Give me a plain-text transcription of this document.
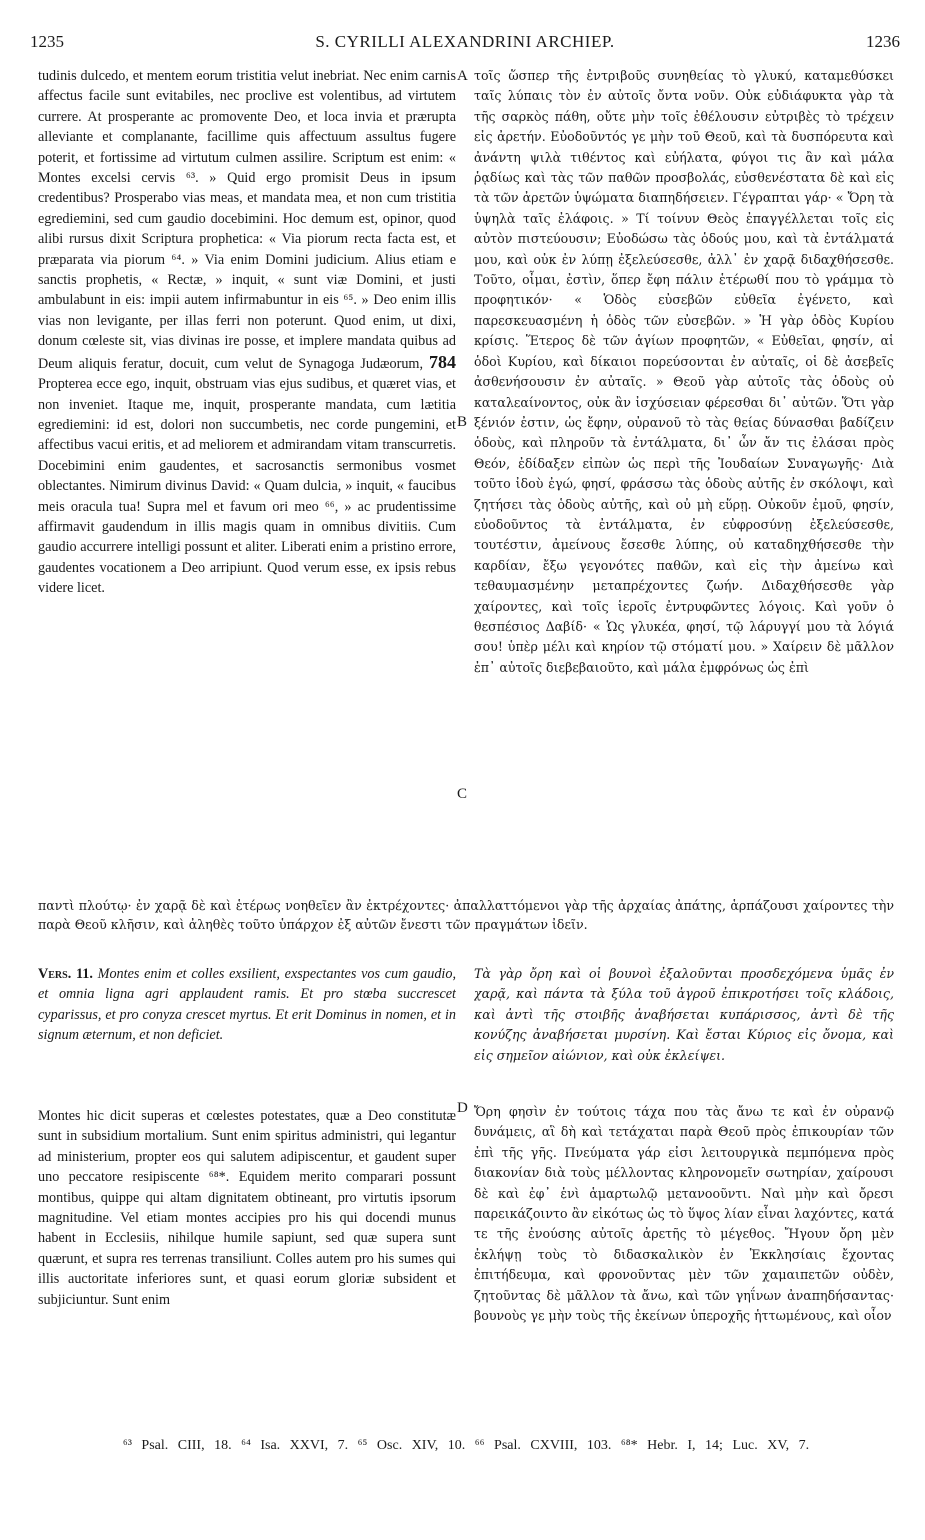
1235	S. CYRILLI ALEXANDRINI ARCHIEP.	1236
A
B
C
D

tudinis dulcedo, et mentem eorum tristitia velut inebriat. Nec enim carnis affectus facile sunt evitabiles, nec proclive est volentibus, ad virtutem currere. At prosperante ac promovente Deo, et loca invia et prærupta alleviante et complanante, facillime quis affectuum assultus fugere poterit, et fortissime ad virtutum culmen assilire. Scriptum est enim: « Montes excelsi cervis ⁶³. » Quid ergo promisit Deus in ipsum credentibus? Prosperabo vias meas, et mandata mea, et non cum tristitia egrediemini, sed cum gaudio docebimini. Hoc demum est, opinor, quod alibi rursus dixit Scriptura prophetica: « Via piorum recta facta est, et præparata via piorum ⁶⁴. » Via enim Domini judicium. Alius etiam e sanctis prophetis, « Rectæ, » inquit, « sunt viæ Domini, et justi ambulabunt in eis: impii autem infirmabuntur in eis ⁶⁵. » Deo enim illis vias non levigante, per illas ferri non poterunt. Quod enim, ut dixi, donum cœleste sit, vias divinas ire posse, et implere mandata quibus ad Deum aliquis feratur, docuit, cum velut de Synagoga Judæorum, 784 Propterea ecce ego, inquit, obstruam vias ejus sudibus, et quæret vias, et non inveniet. Itaque me, inquit, prosperante mandata, cum lætitia egrediemini: id est, dolori non succumbetis, nec corde pungemini, et affectibus vacui eritis, et ad meliorem et admirandam vitam transcurretis. Docebimini enim gaudentes, et sacrosanctis sermonibus vosmet oblectantes. Nimirum divinus David: « Quam dulcia, » inquit, « faucibus meis oracula tua! Supra mel et favum ori meo ⁶⁶, » ac prudentissime affirmavit gaudendum in illis magis quam in omnibus divitiis. Cum gaudio accurrere intelligi possunt et aliter. Liberati enim a pristino errore, gaudentes vocationem a Deo arripiunt. Quod verum esse, ex ipsis rebus videre licet.

τοῖς ὥσπερ τῆς ἐντριβοῦς συνηθείας τὸ γλυκύ, καταμεθύσκει ταῖς λύπαις τὸν ἐν αὐτοῖς ὄντα νοῦν. Οὐκ εὐδιάφυκτα γὰρ τὰ τῆς σαρκὸς πάθη, οὔτε μὴν τοῖς ἐθέλουσιν εὐτριβὲς τὸ τρέχειν εἰς ἀρετήν. Εὐοδοῦντός γε μὴν τοῦ Θεοῦ, καὶ τὰ δυσπόρευτα καὶ ἀνάντη ψιλὰ τιθέντος καὶ εὐήλατα, φύγοι τις ἂν καὶ μάλα ῥᾳδίως καὶ τὰς τῶν παθῶν προσβολάς, εὐσθενέστατα δὲ καὶ εἰς τὰ τῶν ἀρετῶν ὑψώματα διαπηδήσειεν. Γέγραπται γάρ· « Ὄρη τὰ ὑψηλὰ ταῖς ἐλάφοις. » Τί τοίνυν Θεὸς ἐπαγγέλλεται τοῖς εἰς αὐτὸν πιστεύουσιν; Εὐοδώσω τὰς ὁδούς μου, καὶ τὰ ἐντάλματά μου, καὶ οὐκ ἐν λύπῃ ἐξελεύσεσθε, ἀλλ᾽ ἐν χαρᾷ διδαχθήσεσθε. Τοῦτο, οἶμαι, ἐστὶν, ὅπερ ἔφη πάλιν ἑτέρωθί που τὸ γράμμα τὸ προφητικόν· « Ὁδὸς εὐσεβῶν εὐθεῖα ἐγένετο, καὶ παρεσκευασμένη ἡ ὁδὸς τῶν εὐσεβῶν. » Ἡ γὰρ ὁδὸς Κυρίου κρίσις. Ἕτερος δὲ τῶν ἁγίων προφητῶν, « Εὐθεῖαι, φησίν, αἱ ὁδοὶ Κυρίου, καὶ δίκαιοι πορεύσονται ἐν αὐταῖς, οἱ δὲ ἀσεβεῖς ἀσθενήσουσιν ἐν αὐταῖς. » Θεοῦ γὰρ αὐτοῖς τὰς ὁδοὺς οὐ καταλεαίνοντος, οὐκ ἂν ἰσχύσειαν φέρεσθαι δι᾽ αὐτῶν. Ὅτι γὰρ ξένιόν ἐστιν, ὡς ἔφην, οὐρανοῦ τὸ τὰς θείας δύνασθαι βαδίζειν ὁδοὺς, καὶ πληροῦν τὰ ἐντάλματα, δι᾽ ὧν ἄν τις ἐλάσαι πρὸς Θεόν, ἐδίδαξεν εἰπὼν ὡς περὶ τῆς Ἰουδαίων Συναγωγῆς· Διὰ τοῦτο ἰδοὺ ἐγώ, φησί, φράσσω τὰς ὁδοὺς αὐτῆς ἐν σκόλοψι, καὶ ζητήσει τὰς ὁδοὺς αὐτῆς, καὶ οὐ μὴ εὕρῃ. Οὐκοῦν ἐμοῦ, φησίν, εὐοδοῦντος τὰ ἐντάλματα, ἐν εὐφροσύνῃ ἐξελεύσεσθε, τουτέστιν, ἀμείνους ἔσεσθε λύπης, οὐ καταδηχθήσεσθε τὴν καρδίαν, ἔξω γεγονότες παθῶν, καὶ εἰς τὴν ἀμείνω καὶ τεθαυμασμένην μεταπρέχοντες ζωήν. Διδαχθήσεσθε γὰρ χαίροντες, καὶ τοῖς ἱεροῖς ἐντρυφῶντες λόγοις. Καὶ γοῦν ὁ θεσπέσιος Δαβίδ· « Ὡς γλυκέα, φησί, τῷ λάρυγγί μου τὰ λόγιά σου! ὑπὲρ μέλι καὶ κηρίον τῷ στόματί μου. » Χαίρειν δὲ μᾶλλον ἐπ᾽ αὐτοῖς διεβεβαιοῦτο, καὶ μάλα ἐμφρόνως ὡς ἐπὶ

παντὶ πλούτῳ· ἐν χαρᾷ δὲ καὶ ἑτέρως νοηθεῖεν ἂν ἐκτρέχοντες· ἀπαλλαττόμενοι γὰρ τῆς ἀρχαίας ἀπάτης, ἁρπάζουσι χαίροντες τὴν παρὰ Θεοῦ κλῆσιν, καὶ ἀληθὲς τοῦτο ὑπάρχον ἐξ αὐτῶν ἔνεστι τῶν πραγμάτων ἰδεῖν.

Vers. 11. Montes enim et colles exsilient, exspectantes vos cum gaudio, et omnia ligna agri applaudent ramis. Et pro stœba succrescet cyparissus, et pro conyza crescet myrtus. Et erit Dominus in nomen, et in signum æternum, et non deficiet.

Τὰ γὰρ ὄρη καὶ οἱ βουνοὶ ἐξαλοῦνται προσδεχόμενα ὑμᾶς ἐν χαρᾷ, καὶ πάντα τὰ ξύλα τοῦ ἀγροῦ ἐπικροτήσει τοῖς κλάδοις, καὶ ἀντὶ τῆς στοιβῆς ἀναβήσεται κυπάρισσος, ἀντὶ δὲ τῆς κονύζης ἀναβήσεται μυρσίνη. Καὶ ἔσται Κύριος εἰς ὄνομα, καὶ εἰς σημεῖον αἰώνιον, καὶ οὐκ ἐκλείψει.

Montes hic dicit superas et cœlestes potestates, quæ a Deo constitutæ sunt in subsidium mortalium. Sunt enim spiritus administri, qui legantur ad ministerium, propter eos qui salutem adipiscentur, et gaudent super uno peccatore resipiscente ⁶⁸*. Equidem merito comparari possunt montibus, quippe qui altam dignitatem obtineant, pro virtutis ipsorum magnitudine. Vel etiam montes accipies pro his qui docendi munus habent in Ecclesiis, nihilque humile sapiunt, sed quæ supera sunt quærunt, et supra res terrenas transiliunt. Colles autem pro his sumes qui illis auctoritate inferiores sunt, et quasi eorum gloriæ subsident et subjiciuntur. Sunt enim

Ὄρη φησὶν ἐν τούτοις τάχα που τὰς ἄνω τε καὶ ἐν οὐρανῷ δυνάμεις, αἳ δὴ καὶ τετάχαται παρὰ Θεοῦ πρὸς ἐπικουρίαν τῶν ἐπὶ τῆς γῆς. Πνεύματα γάρ εἰσι λειτουργικὰ πεμπόμενα πρὸς διακονίαν διὰ τοὺς μέλλοντας κληρονομεῖν σωτηρίαν, χαίρουσι δὲ καὶ ἐφ᾽ ἑνὶ ἁμαρτωλῷ μετανοοῦντι. Ναὶ μὴν καὶ ὄρεσι παρεικάζοιντο ἂν εἰκότως ὡς τὸ ὕψος λίαν εἶναι λαχόντες, κατά τε τῆς ἐνούσης αὐτοῖς ἀρετῆς τὸ μέγεθος. Ἤγουν ὄρη μὲν ἐκλήψῃ τοὺς τὸ διδασκαλικὸν ἐν Ἐκκλησίαις ἔχοντας ἐπιτήδευμα, καὶ φρονοῦντας μὲν τῶν χαμαιπετῶν οὐδὲν, ζητοῦντας δὲ μᾶλλον τὰ ἄνω, καὶ τῶν γηΐνων ἀναπηδήσαντας· βουνοὺς γε μὴν τοὺς τῆς ἐκείνων ὑπεροχῆς ἡττωμένους, καὶ οἷον

⁶³ Psal. CIII, 18. ⁶⁴ Isa. XXVI, 7. ⁶⁵ Osc. XIV, 10. ⁶⁶ Psal. CXVIII, 103. ⁶⁸* Hebr. I, 14; Luc. XV, 7.
